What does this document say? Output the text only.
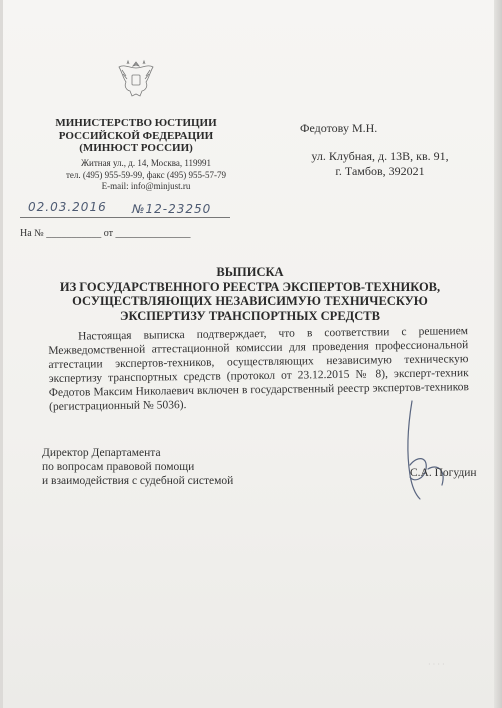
МИНИСТЕРСТВО ЮСТИЦИИ
РОССИЙСКОЙ ФЕДЕРАЦИИ
(МИНЮСТ РОССИИ)
Житная ул., д. 14, Москва, 119991
тел. (495) 955-59-99, факс (495) 955-57-79
E-mail: info@minjust.ru
Федотову М.Н.
ул. Клубная, д. 13В, кв. 91,
г. Тамбов, 392021
02.03.2016 №12-23250
На № ___________ от _______________
ВЫПИСКА
ИЗ ГОСУДАРСТВЕННОГО РЕЕСТРА ЭКСПЕРТОВ-ТЕХНИКОВ,
ОСУЩЕСТВЛЯЮЩИХ НЕЗАВИСИМУЮ ТЕХНИЧЕСКУЮ
ЭКСПЕРТИЗУ ТРАНСПОРТНЫХ СРЕДСТВ

Настоящая выписка подтверждает, что в соответствии с решением Межведомственной аттестационной комиссии для проведения профессиональной аттестации экспертов-техников, осуществляющих независимую техническую экспертизу транспортных средств (протокол от 23.12.2015 № 8), эксперт-техник Федотов Максим Николаевич включен в государственный реестр экспертов-техников (регистрационный № 5036).

Директор Департамента
по вопросам правовой помощи
и взаимодействия с судебной системой
С.А. Погудин
· · · ·
